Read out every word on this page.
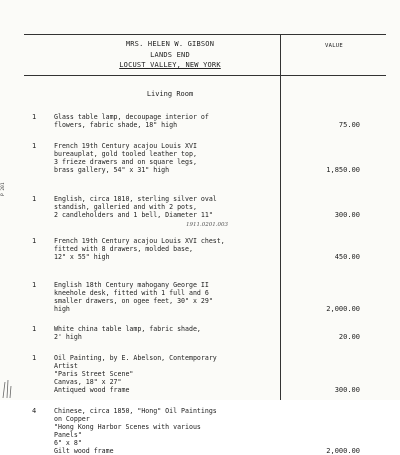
MRS. HELEN W. GIBSON
LANDS END
LOCUST VALLEY, NEW YORK
VALUE
P 201
Living Room
1	Glass table lamp, decoupage interior of
flowers, fabric shade, 18" high	75.00
1	French 19th Century acajou Louis XVI
bureauplat, gold tooled leather top,
3 frieze drawers and on square legs,
brass gallery, 54" x 31" high	1,850.00
1	English, circa 1810, sterling silver oval
standish, galleried and with 2 pots,
2 candleholders and 1 bell, Diameter 11"	300.00
1	French 19th Century acajou Louis XVI chest,
fitted with 8 drawers, molded base,
12" x 55" high	450.00
1	English 18th Century mahogany George II
kneehole desk, fitted with 1 full and 6
smaller drawers, on ogee feet, 30" x 29"
high	2,000.00
1	White china table lamp, fabric shade,
2' high	20.00
1	Oil Painting, by E. Abelson, Contemporary
Artist
"Paris Street Scene"
Canvas, 18" x 27"
Antiqued wood frame	300.00
4	Chinese, circa 1850, "Hong" Oil Paintings
on Copper
"Hong Kong Harbor Scenes with various
Panels"
6" x 8"
Gilt wood frame	2,000.00
1911.0201.003
